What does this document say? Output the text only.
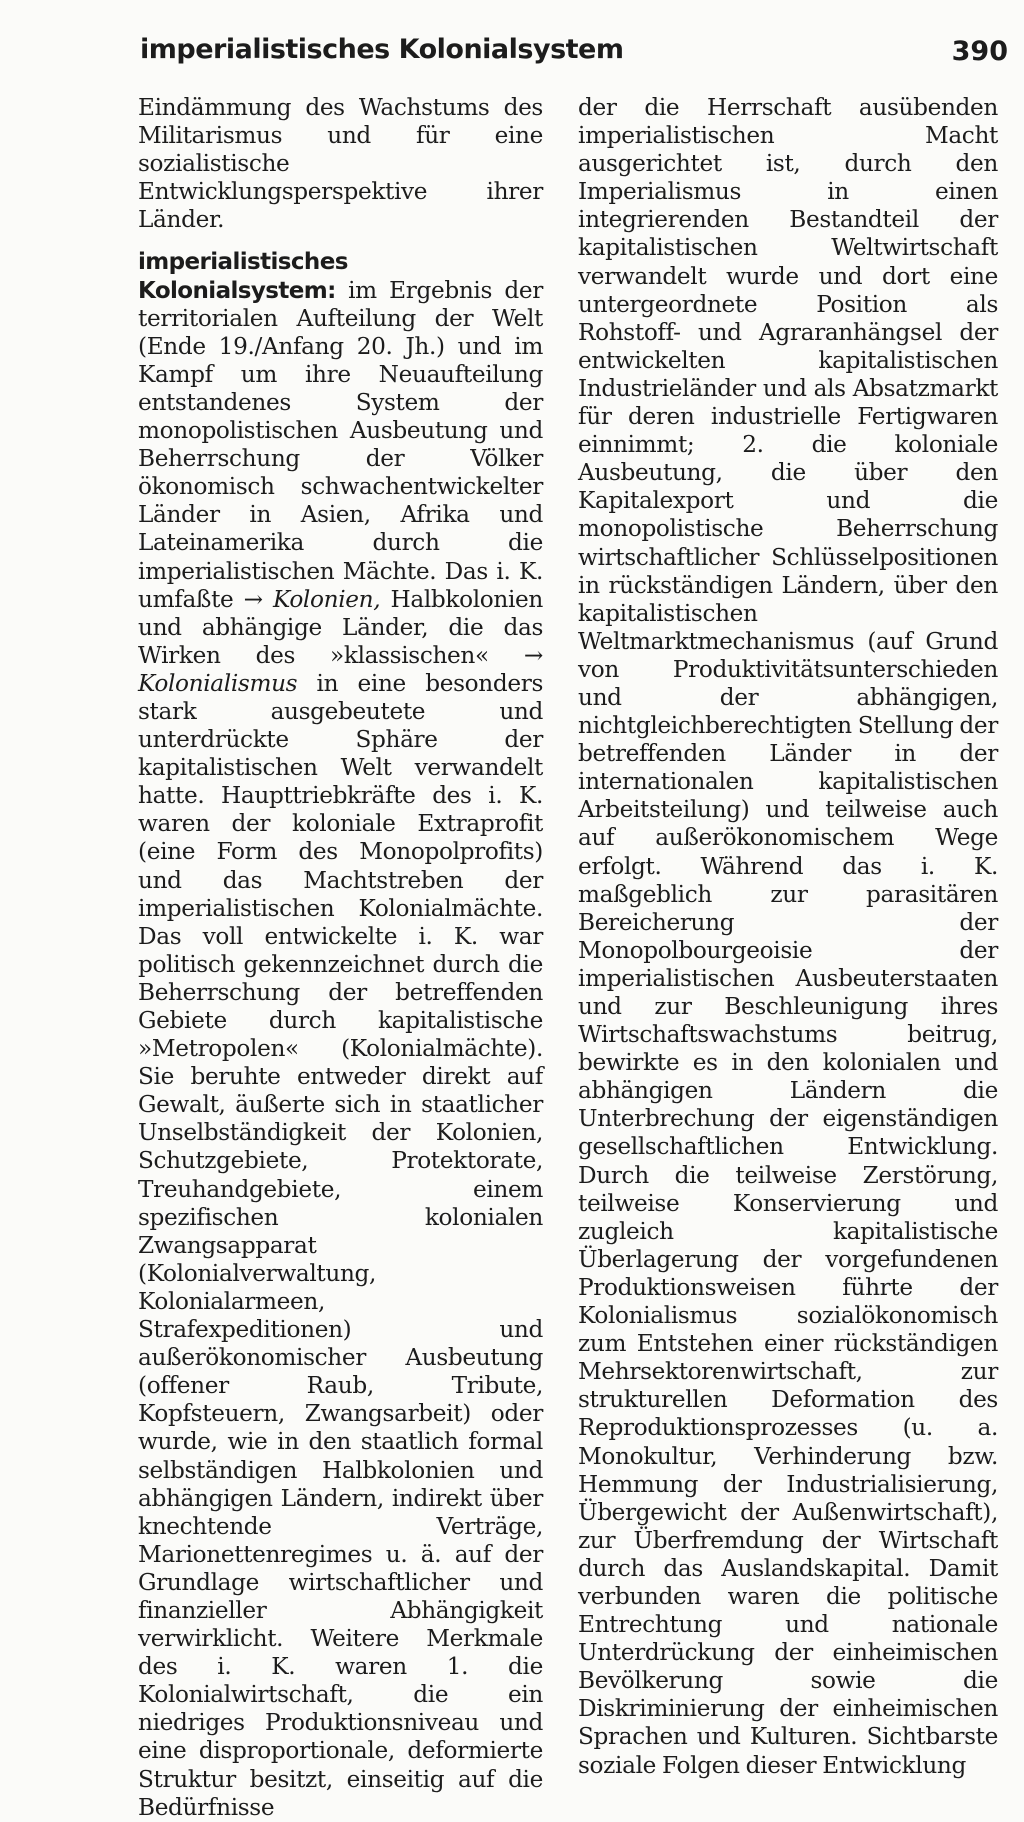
imperialistisches Kolonialsystem	390

Eindämmung des Wachstums des Militarismus und für eine sozialistische Entwicklungsperspektive ihrer Länder.

imperialistisches Kolonialsystem: im Ergebnis der territorialen Aufteilung der Welt (Ende 19./Anfang 20. Jh.) und im Kampf um ihre Neuaufteilung entstandenes System der monopolistischen Ausbeutung und Beherrschung der Völker ökonomisch schwachentwickelter Länder in Asien, Afrika und Lateinamerika durch die imperialistischen Mächte. Das i. K. umfaßte → Kolonien, Halbkolonien und abhängige Länder, die das Wirken des »klassischen« → Kolonialismus in eine besonders stark ausgebeutete und unterdrückte Sphäre der kapitalistischen Welt verwandelt hatte. Haupttriebkräfte des i. K. waren der koloniale Extraprofit (eine Form des Monopolprofits) und das Machtstreben der imperialistischen Kolonialmächte. Das voll entwickelte i. K. war politisch gekennzeichnet durch die Beherrschung der betreffenden Gebiete durch kapitalistische »Metropolen« (Kolonialmächte). Sie beruhte entweder direkt auf Gewalt, äußerte sich in staatlicher Unselbständigkeit der Kolonien, Schutzgebiete, Protektorate, Treuhandgebiete, einem spezifischen kolonialen Zwangsapparat (Kolonialverwaltung, Kolonialarmeen, Strafexpeditionen) und außerökonomischer Ausbeutung (offener Raub, Tribute, Kopfsteuern, Zwangsarbeit) oder wurde, wie in den staatlich formal selbständigen Halbkolonien und abhängigen Ländern, indirekt über knechtende Verträge, Marionettenregimes u. ä. auf der Grundlage wirtschaftlicher und finanzieller Abhängigkeit verwirklicht. Weitere Merkmale des i. K. waren 1. die Kolonialwirtschaft, die ein niedriges Produktionsniveau und eine disproportionale, deformierte Struktur besitzt, einseitig auf die Bedürfnisse

der die Herrschaft ausübenden imperialistischen Macht ausgerichtet ist, durch den Imperialismus in einen integrierenden Bestandteil der kapitalistischen Weltwirtschaft verwandelt wurde und dort eine untergeordnete Position als Rohstoff- und Agraranhängsel der entwickelten kapitalistischen Industrieländer und als Absatzmarkt für deren industrielle Fertigwaren einnimmt; 2. die koloniale Ausbeutung, die über den Kapitalexport und die monopolistische Beherrschung wirtschaftlicher Schlüsselpositionen in rückständigen Ländern, über den kapitalistischen Weltmarktmechanismus (auf Grund von Produktivitätsunterschieden und der abhängigen, nichtgleichberechtigten Stellung der betreffenden Länder in der internationalen kapitalistischen Arbeitsteilung) und teilweise auch auf außerökonomischem Wege erfolgt. Während das i. K. maßgeblich zur parasitären Bereicherung der Monopolbourgeoisie der imperialistischen Ausbeuterstaaten und zur Beschleunigung ihres Wirtschaftswachstums beitrug, bewirkte es in den kolonialen und abhängigen Ländern die Unterbrechung der eigenständigen gesellschaftlichen Entwicklung. Durch die teilweise Zerstörung, teilweise Konservierung und zugleich kapitalistische Überlagerung der vorgefundenen Produktionsweisen führte der Kolonialismus sozialökonomisch zum Entstehen einer rückständigen Mehrsektorenwirtschaft, zur strukturellen Deformation des Reproduktionsprozesses (u. a. Monokultur, Verhinderung bzw. Hemmung der Industrialisierung, Übergewicht der Außenwirtschaft), zur Überfremdung der Wirtschaft durch das Auslandskapital. Damit verbunden waren die politische Entrechtung und nationale Unterdrückung der einheimischen Bevölkerung sowie die Diskriminierung der einheimischen Sprachen und Kulturen. Sichtbarste soziale Folgen dieser Entwicklung
